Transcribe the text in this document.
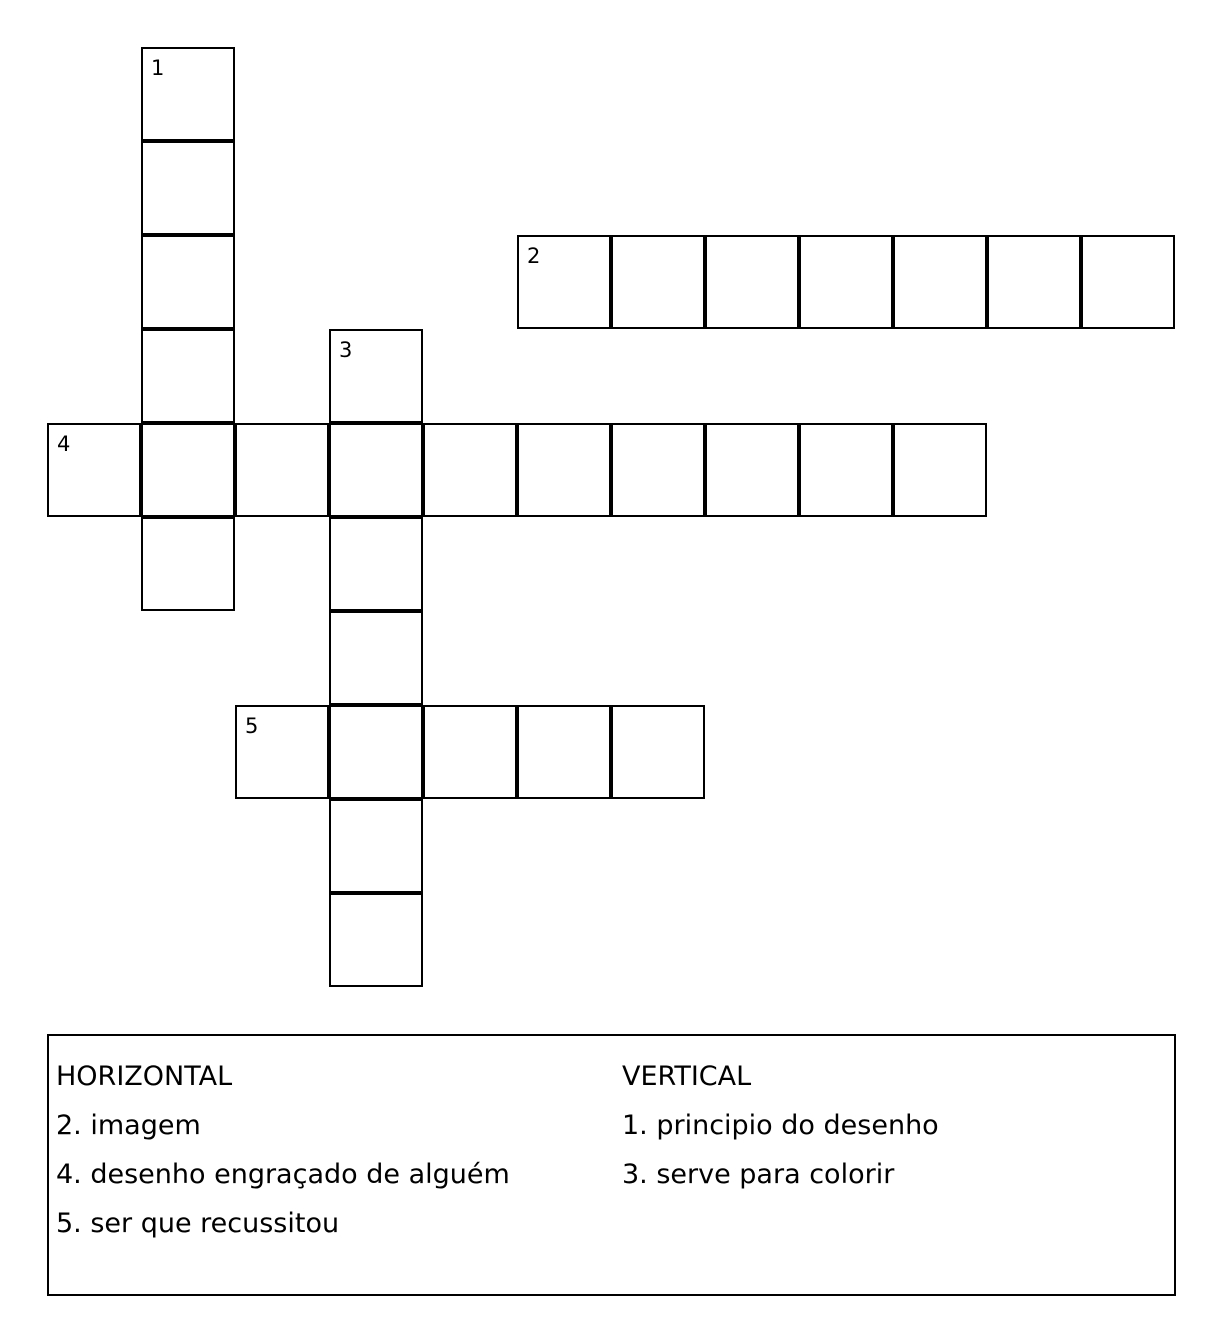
1
2
3
4
5
HORIZONTAL
2. imagem
4. desenho engraçado de alguém
5. ser que recussitou
VERTICAL
1. principio do desenho
3. serve para colorir
